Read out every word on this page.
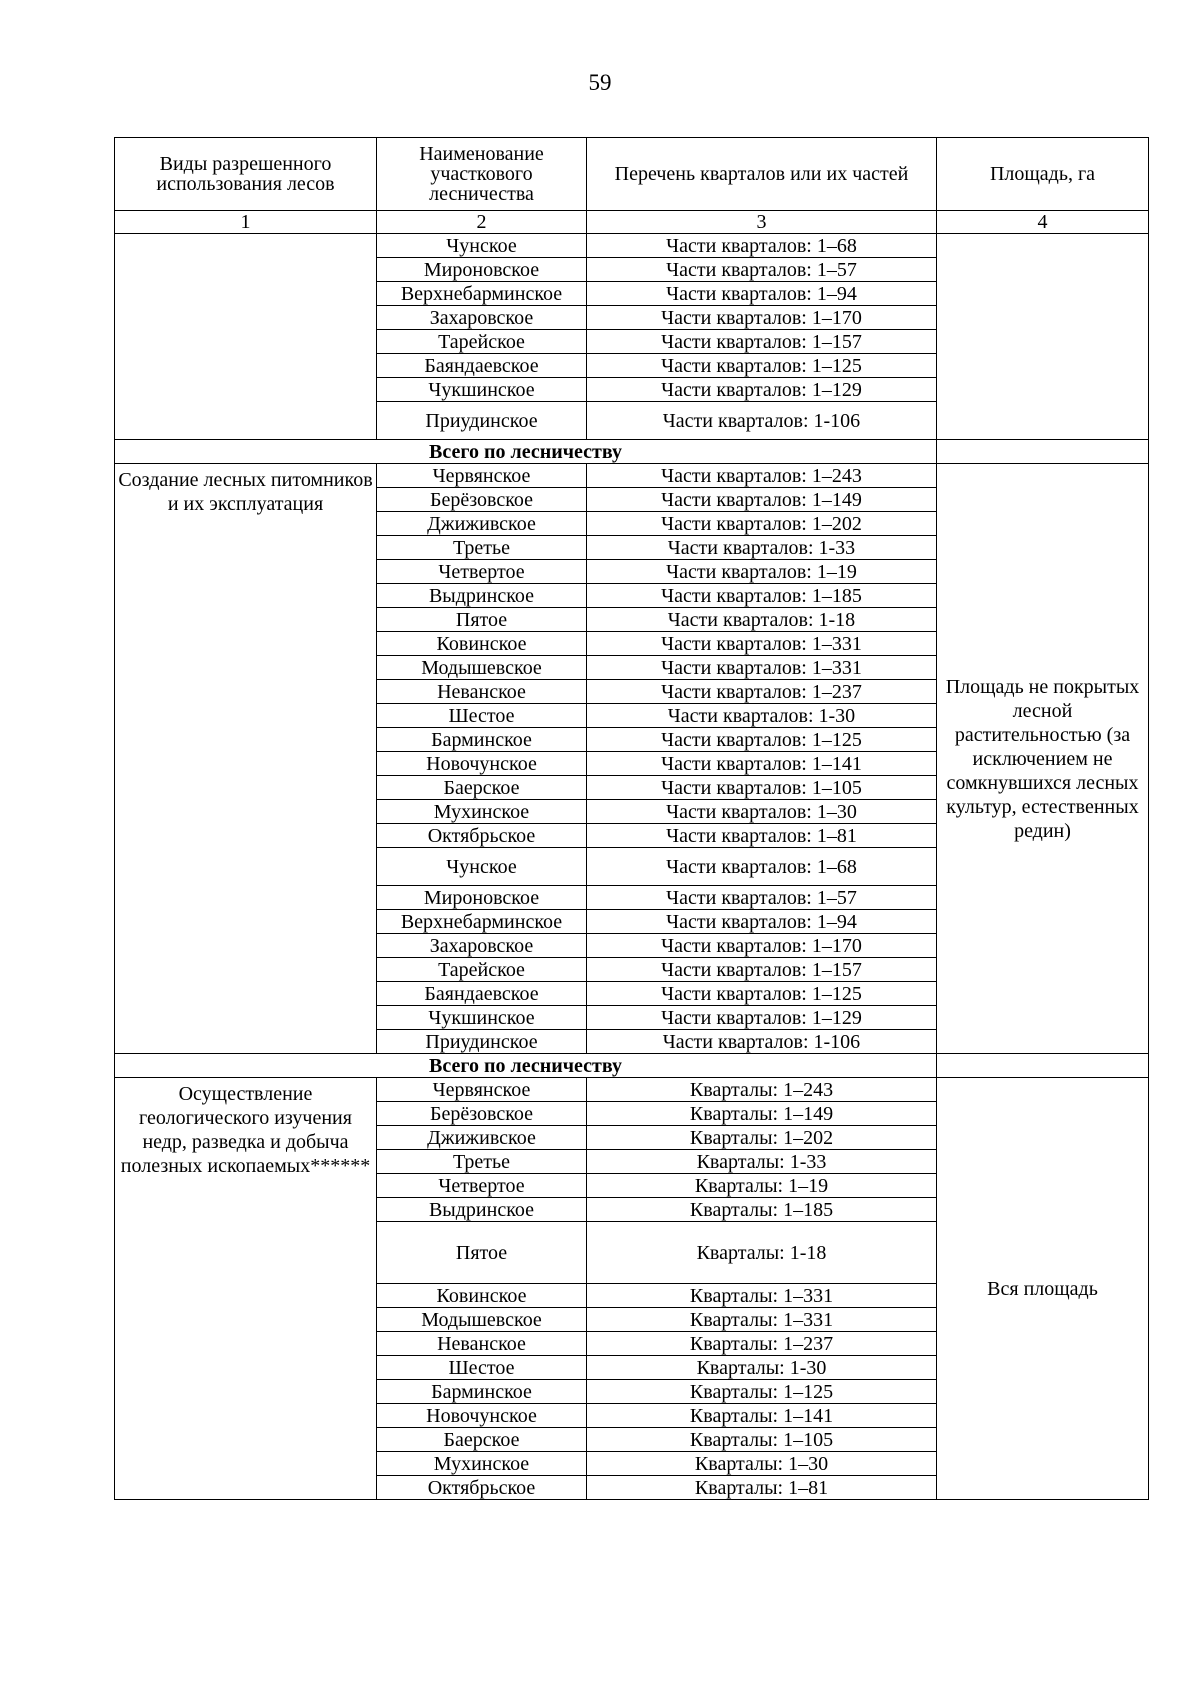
59
Виды разрешенного использования лесов	Наименование участкового лесничества	Перечень кварталов или их частей	Площадь, га
1	2	3	4
	Чунское	Части кварталов: 1–68	
	Мироновское	Части кварталов: 1–57	
	Верхнебарминское	Части кварталов: 1–94	
	Захаровское	Части кварталов: 1–170	
	Тарейское	Части кварталов: 1–157	
	Баяндаевское	Части кварталов: 1–125	
	Чукшинское	Части кварталов: 1–129	
	Приудинское	Части кварталов: 1-106	
Всего по лесничеству			
Создание лесных питомников и их эксплуатация	Червянское	Части кварталов: 1–243	Площадь не покрытых лесной растительностью (за исключением не сомкнувшихся лесных культур, естественных редин)
	Берёзовское	Части кварталов: 1–149	
	Джиживское	Части кварталов: 1–202	
	Третье	Части кварталов: 1-33	
	Четвертое	Части кварталов: 1–19	
	Выдринское	Части кварталов: 1–185	
	Пятое	Части кварталов: 1-18	
	Ковинское	Части кварталов: 1–331	
	Модышевское	Части кварталов: 1–331	
	Неванское	Части кварталов: 1–237	
	Шестое	Части кварталов: 1-30	
	Барминское	Части кварталов: 1–125	
	Новочунское	Части кварталов: 1–141	
	Баерское	Части кварталов: 1–105	
	Мухинское	Части кварталов: 1–30	
	Октябрьское	Части кварталов: 1–81	
	Чунское	Части кварталов: 1–68	
	Мироновское	Части кварталов: 1–57	
	Верхнебарминское	Части кварталов: 1–94	
	Захаровское	Части кварталов: 1–170	
	Тарейское	Части кварталов: 1–157	
	Баяндаевское	Части кварталов: 1–125	
	Чукшинское	Части кварталов: 1–129	
	Приудинское	Части кварталов: 1-106	
Всего по лесничеству			
Осуществление геологического изучения недр, разведка и добыча полезных ископаемых******	Червянское	Кварталы: 1–243	Вся площадь
	Берёзовское	Кварталы: 1–149	
	Джиживское	Кварталы: 1–202	
	Третье	Кварталы: 1-33	
	Четвертое	Кварталы: 1–19	
	Выдринское	Кварталы: 1–185	
	Пятое	Кварталы: 1-18	
	Ковинское	Кварталы: 1–331	
	Модышевское	Кварталы: 1–331	
	Неванское	Кварталы: 1–237	
	Шестое	Кварталы: 1-30	
	Барминское	Кварталы: 1–125	
	Новочунское	Кварталы: 1–141	
	Баерское	Кварталы: 1–105	
	Мухинское	Кварталы: 1–30	
	Октябрьское	Кварталы: 1–81	
